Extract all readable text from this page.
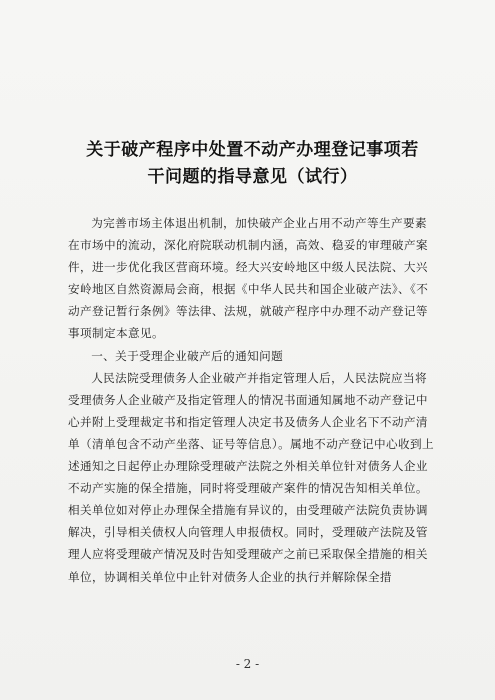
关于破产程序中处置不动产办理登记事项若
干问题的指导意见（试行）

为完善市场主体退出机制，加快破产企业占用不动产等生产要素在市场中的流动，深化府院联动机制内涵，高效、稳妥的审理破产案件，进一步优化我区营商环境。经大兴安岭地区中级人民法院、大兴安岭地区自然资源局会商，根据《中华人民共和国企业破产法》、《不动产登记暂行条例》等法律、法规，就破产程序中办理不动产登记等事项制定本意见。

一、关于受理企业破产后的通知问题

人民法院受理债务人企业破产并指定管理人后，人民法院应当将受理债务人企业破产及指定管理人的情况书面通知属地不动产登记中心并附上受理裁定书和指定管理人决定书及债务人企业名下不动产清单（清单包含不动产坐落、证号等信息）。属地不动产登记中心收到上述通知之日起停止办理除受理破产法院之外相关单位针对债务人企业不动产实施的保全措施，同时将受理破产案件的情况告知相关单位。相关单位如对停止办理保全措施有异议的，由受理破产法院负责协调解决，引导相关债权人向管理人申报债权。同时，受理破产法院及管理人应将受理破产情况及时告知受理破产之前已采取保全措施的相关单位，协调相关单位中止针对债务人企业的执行并解除保全措

- 2 -
